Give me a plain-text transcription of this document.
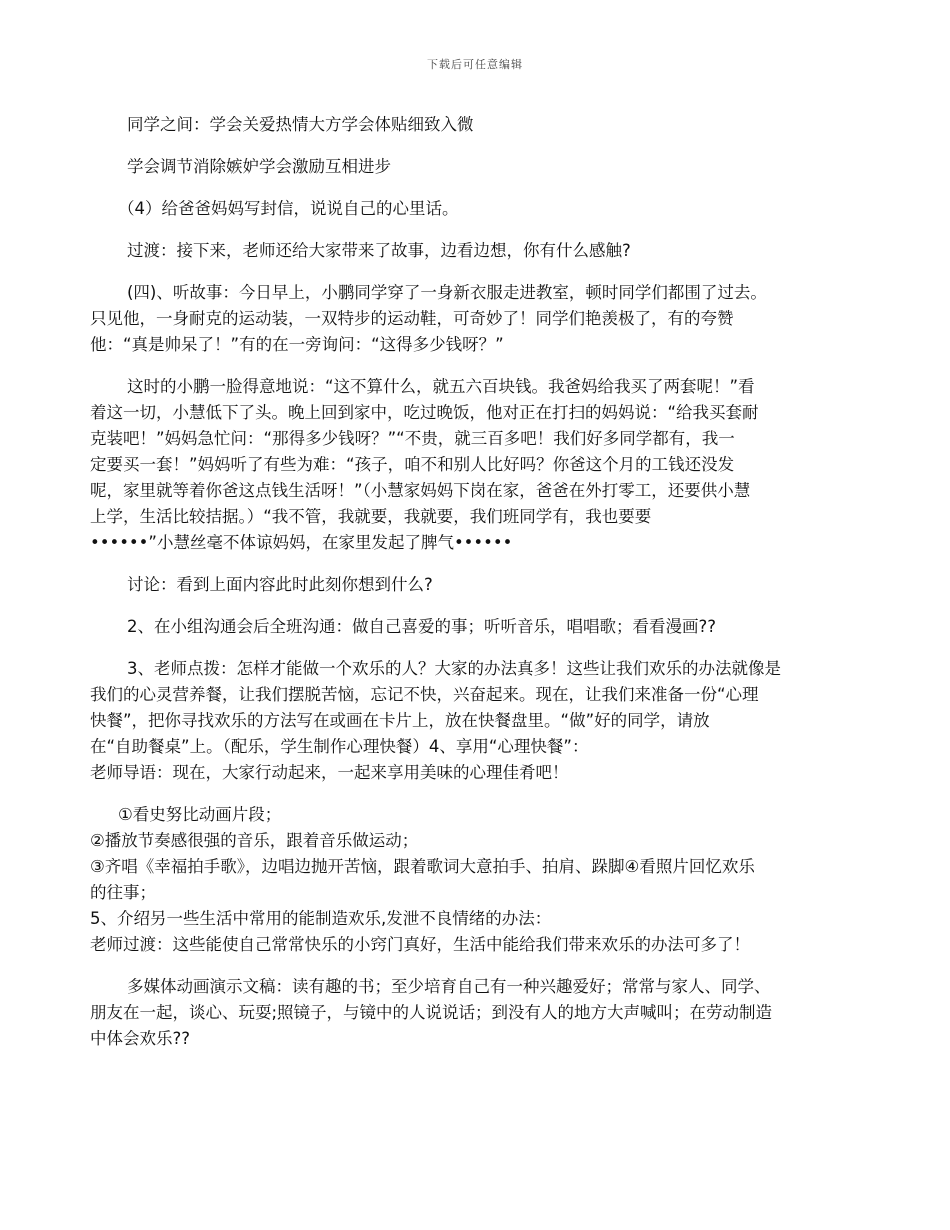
下载后可任意编辑
同学之间：学会关爱热情大方学会体贴细致入微
学会调节消除嫉妒学会激励互相进步
（4）给爸爸妈妈写封信，说说自己的心里话。
过渡：接下来，老师还给大家带来了故事，边看边想，你有什么感触?
(四)、听故事：今日早上，小鹏同学穿了一身新衣服走进教室，顿时同学们都围了过去。
只见他，一身耐克的运动装，一双特步的运动鞋，可奇妙了！同学们艳羡极了，有的夸赞
他：“真是帅呆了！”有的在一旁询问：“这得多少钱呀？”
这时的小鹏一脸得意地说：“这不算什么，就五六百块钱。我爸妈给我买了两套呢！”看
着这一切，小慧低下了头。晚上回到家中，吃过晚饭，他对正在打扫的妈妈说：“给我买套耐
克装吧！”妈妈急忙问：“那得多少钱呀？”“不贵，就三百多吧！我们好多同学都有，我一
定要买一套！”妈妈听了有些为难：“孩子，咱不和别人比好吗？你爸这个月的工钱还没发
呢，家里就等着你爸这点钱生活呀！”（小慧家妈妈下岗在家，爸爸在外打零工，还要供小慧
上学，生活比较拮据。）“我不管，我就要，我就要，我们班同学有，我也要要
••••••”小慧丝毫不体谅妈妈，在家里发起了脾气••••••
讨论：看到上面内容此时此刻你想到什么?
2、在小组沟通会后全班沟通：做自己喜爱的事；听听音乐，唱唱歌；看看漫画??
3、老师点拨：怎样才能做一个欢乐的人？大家的办法真多！这些让我们欢乐的办法就像是
我们的心灵营养餐，让我们摆脱苦恼，忘记不快，兴奋起来。现在，让我们来准备一份“心理
快餐”，把你寻找欢乐的方法写在或画在卡片上，放在快餐盘里。“做”好的同学，请放
在“自助餐桌”上。（配乐，学生制作心理快餐）4、享用“心理快餐”：
老师导语：现在，大家行动起来，一起来享用美味的心理佳肴吧！
①看史努比动画片段；
②播放节奏感很强的音乐，跟着音乐做运动；
③齐唱《幸福拍手歌》，边唱边抛开苦恼，跟着歌词大意拍手、拍肩、跺脚④看照片回忆欢乐
的往事；
5、介绍另一些生活中常用的能制造欢乐,发泄不良情绪的办法：
老师过渡：这些能使自己常常快乐的小窍门真好，生活中能给我们带来欢乐的办法可多了！
多媒体动画演示文稿：读有趣的书；至少培育自己有一种兴趣爱好；常常与家人、同学、
朋友在一起，谈心、玩耍;照镜子，与镜中的人说说话；到没有人的地方大声喊叫；在劳动制造
中体会欢乐??
